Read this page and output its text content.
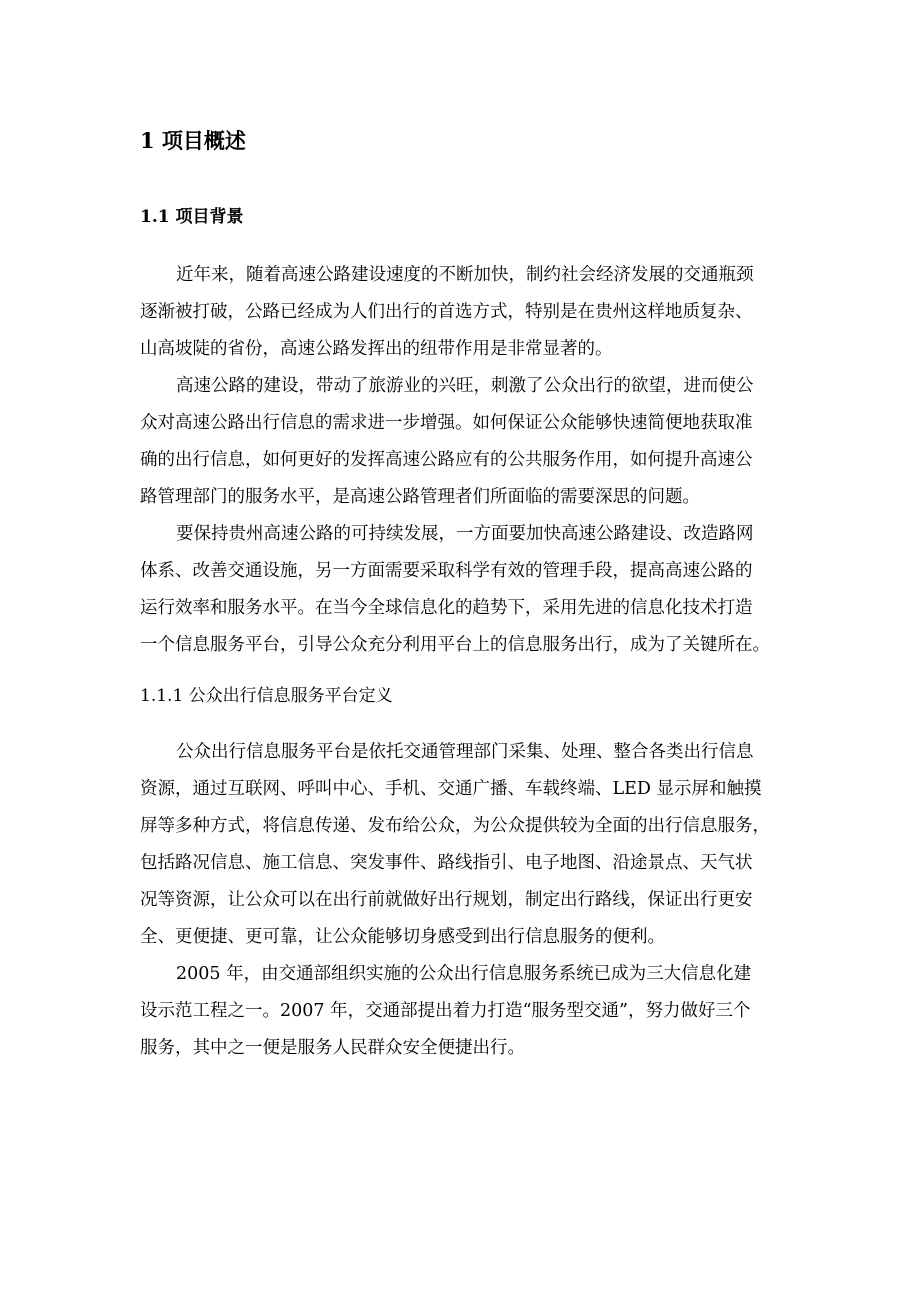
1 项目概述
1.1 项目背景
近年来，随着高速公路建设速度的不断加快，制约社会经济发展的交通瓶颈
逐渐被打破，公路已经成为人们出行的首选方式，特别是在贵州这样地质复杂、
山高坡陡的省份，高速公路发挥出的纽带作用是非常显著的。
高速公路的建设，带动了旅游业的兴旺，刺激了公众出行的欲望，进而使公
众对高速公路出行信息的需求进一步增强。如何保证公众能够快速简便地获取准
确的出行信息，如何更好的发挥高速公路应有的公共服务作用，如何提升高速公
路管理部门的服务水平，是高速公路管理者们所面临的需要深思的问题。
要保持贵州高速公路的可持续发展，一方面要加快高速公路建设、改造路网
体系、改善交通设施，另一方面需要采取科学有效的管理手段，提高高速公路的
运行效率和服务水平。在当今全球信息化的趋势下，采用先进的信息化技术打造
一个信息服务平台，引导公众充分利用平台上的信息服务出行，成为了关键所在。
1.1.1 公众出行信息服务平台定义
公众出行信息服务平台是依托交通管理部门采集、处理、整合各类出行信息
资源，通过互联网、呼叫中心、手机、交通广播、车载终端、LED 显示屏和触摸
屏等多种方式，将信息传递、发布给公众，为公众提供较为全面的出行信息服务，
包括路况信息、施工信息、突发事件、路线指引、电子地图、沿途景点、天气状
况等资源，让公众可以在出行前就做好出行规划，制定出行路线，保证出行更安
全、更便捷、更可靠，让公众能够切身感受到出行信息服务的便利。
2005 年，由交通部组织实施的公众出行信息服务系统已成为三大信息化建
设示范工程之一。2007 年，交通部提出着力打造“服务型交通”，努力做好三个
服务，其中之一便是服务人民群众安全便捷出行。
